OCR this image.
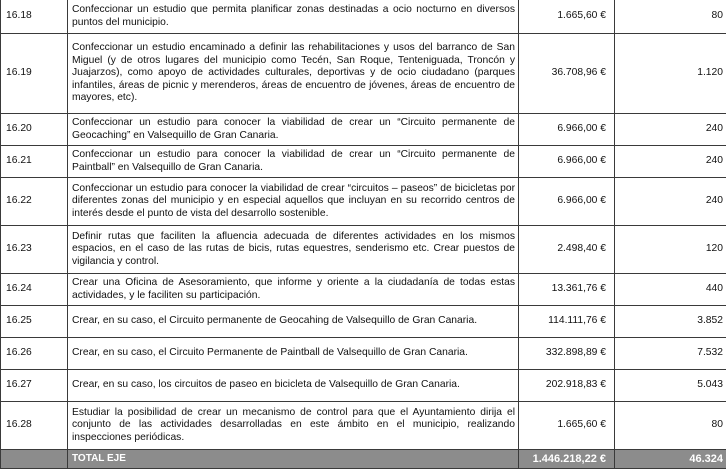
16.18	Confeccionar un estudio que permita planificar zonas destinadas a ocio nocturno en diversos puntos del municipio.	1.665,60 €	80
16.19	Confeccionar un estudio encaminado a definir las rehabilitaciones y usos del barranco de San Miguel (y de otros lugares del municipio como Tecén, San Roque, Tenteniguada, Troncón y Juajarzos), como apoyo de actividades culturales, deportivas y de ocio ciudadano (parques infantiles, áreas de picnic y merenderos, áreas de encuentro de jóvenes, áreas de encuentro de mayores, etc).	36.708,96 €	1.120
16.20	Confeccionar un estudio para conocer la viabilidad de crear un “Circuito permanente de Geocaching” en Valsequillo de Gran Canaria.	6.966,00 €	240
16.21	Confeccionar un estudio para conocer la viabilidad de crear un “Circuito permanente de Paintball” en Valsequillo de Gran Canaria.	6.966,00 €	240
16.22	Confeccionar un estudio para conocer la viabilidad de crear “circuitos – paseos” de bicicletas por diferentes zonas del municipio y en especial aquellos que incluyan en su recorrido centros de interés desde el punto de vista del desarrollo sostenible.	6.966,00 €	240
16.23	Definir rutas que faciliten la afluencia adecuada de diferentes actividades en los mismos espacios, en el caso de las rutas de bicis, rutas equestres, senderismo etc. Crear puestos de vigilancia y control.	2.498,40 €	120
16.24	Crear una Oficina de Asesoramiento, que informe y oriente a la ciudadanía de todas estas actividades, y le faciliten su participación.	13.361,76 €	440
16.25	Crear, en su caso, el Circuito permanente de Geocahing de Valsequillo de Gran Canaria.	114.111,76 €	3.852
16.26	Crear, en su caso, el Circuito Permanente de Paintball de Valsequillo de Gran Canaria.	332.898,89 €	7.532
16.27	Crear, en su caso, los circuitos de paseo en bicicleta de Valsequillo de Gran Canaria.	202.918,83 €	5.043
16.28	Estudiar la posibilidad de crear un mecanismo de control para que el Ayuntamiento dirija el conjunto de las actividades desarrolladas en este ámbito en el municipio, realizando inspecciones periódicas.	1.665,60 €	80
	TOTAL EJE	1.446.218,22 €	46.324
